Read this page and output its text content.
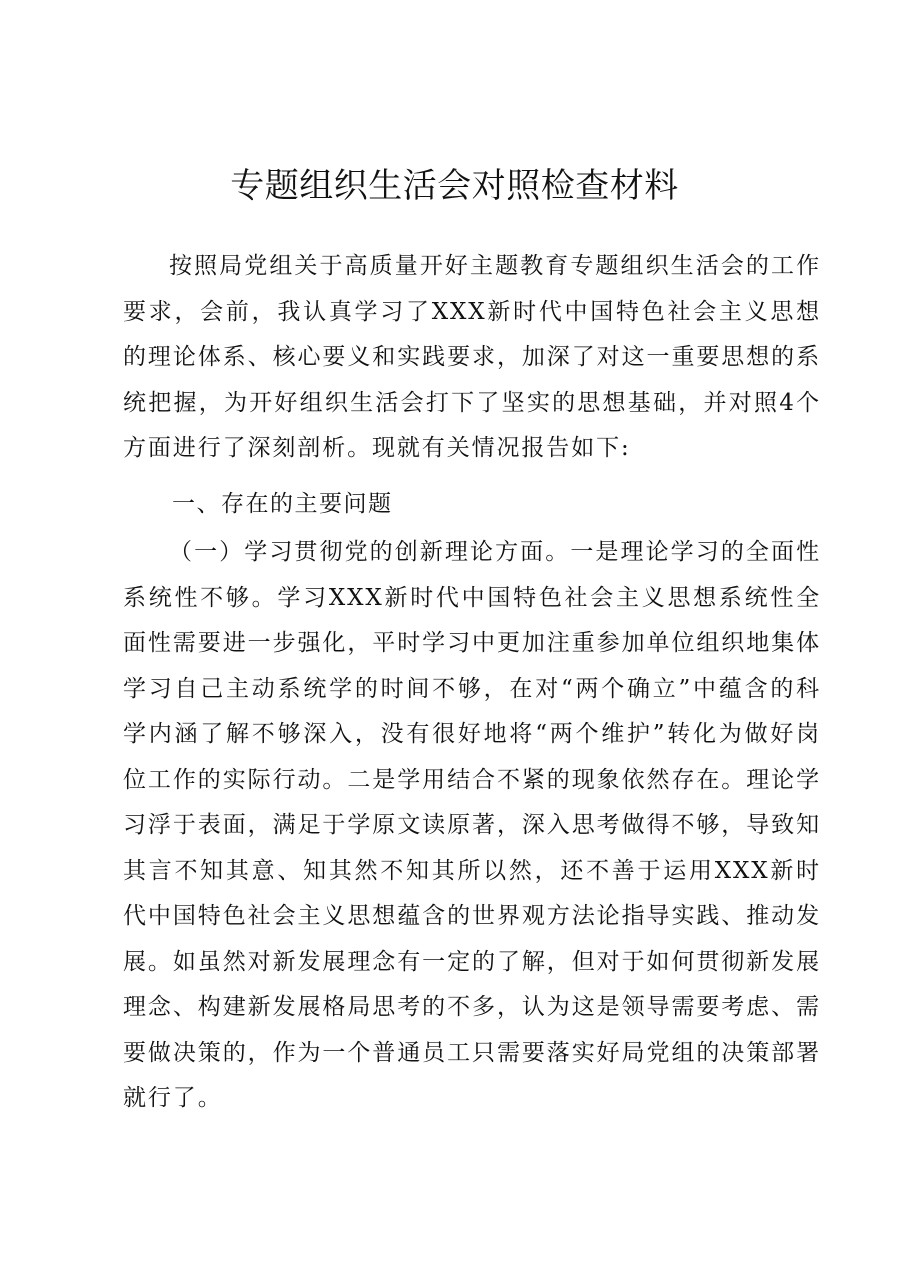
专题组织生活会对照检查材料

按照局党组关于高质量开好主题教育专题组织生活会的工作要求，会前，我认真学习了XXX新时代中国特色社会主义思想的理论体系、核心要义和实践要求，加深了对这一重要思想的系统把握，为开好组织生活会打下了坚实的思想基础，并对照4个方面进行了深刻剖析。现就有关情况报告如下:

一、存在的主要问题

（一）学习贯彻党的创新理论方面。一是理论学习的全面性系统性不够。学习XXX新时代中国特色社会主义思想系统性全面性需要进一步强化，平时学习中更加注重参加单位组织地集体学习自己主动系统学的时间不够，在对“两个确立”中蕴含的科学内涵了解不够深入，没有很好地将“两个维护”转化为做好岗位工作的实际行动。二是学用结合不紧的现象依然存在。理论学习浮于表面，满足于学原文读原著，深入思考做得不够，导致知其言不知其意、知其然不知其所以然，还不善于运用XXX新时代中国特色社会主义思想蕴含的世界观方法论指导实践、推动发展。如虽然对新发展理念有一定的了解，但对于如何贯彻新发展理念、构建新发展格局思考的不多，认为这是领导需要考虑、需要做决策的，作为一个普通员工只需要落实好局党组的决策部署就行了。
